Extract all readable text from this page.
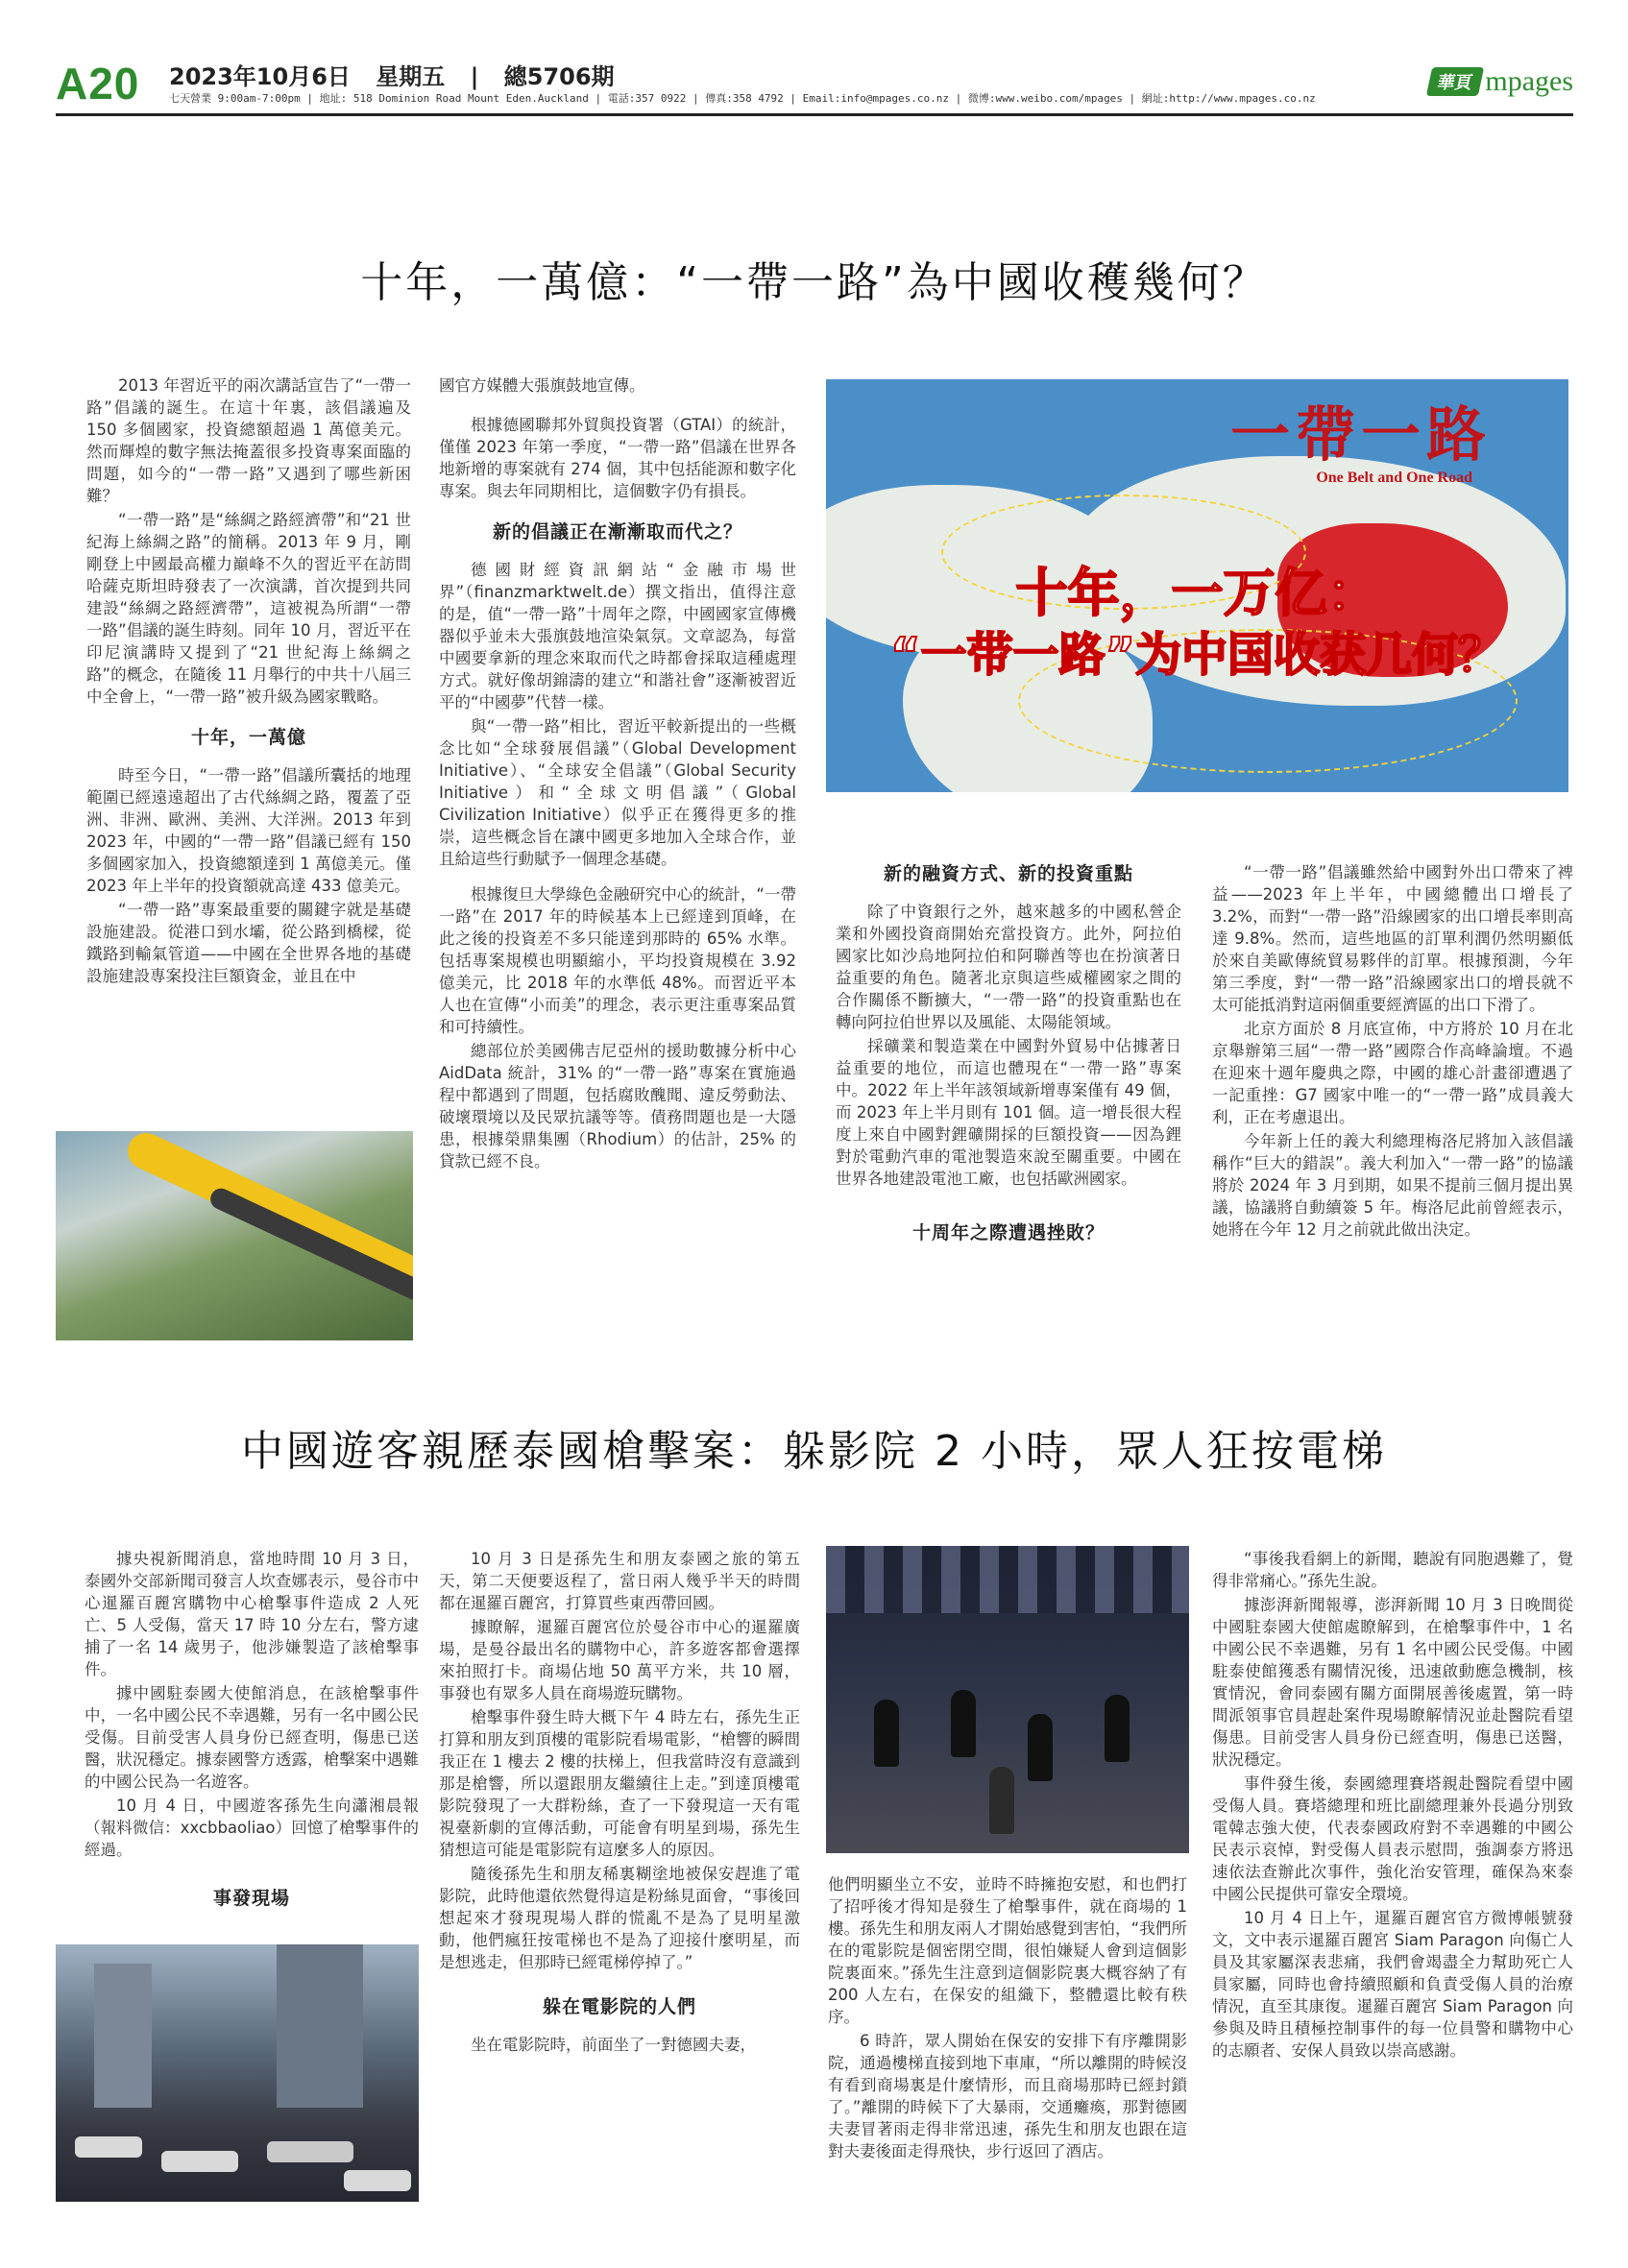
A20 2023年10月6日 星期五 | 總5706期
七天營業 9:00am-7:00pm | 地址: 518 Dominion Road Mount Eden.Auckland | 電話:357 0922 | 傳真:358 4792 | Email:info@mpages.co.nz | 微博:www.weibo.com/mpages | 網址:http://www.mpages.co.nz
華頁 mpages
十年，一萬億：“一帶一路”為中國收穫幾何？

2013 年習近平的兩次講話宣告了“一帶一路”倡議的誕生。在這十年裏，該倡議遍及 150 多個國家，投資總額超過 1 萬億美元。然而輝煌的數字無法掩蓋很多投資專案面臨的問題，如今的“一帶一路”又遇到了哪些新困難？

“一帶一路”是“絲綢之路經濟帶”和“21 世紀海上絲綢之路”的簡稱。2013 年 9 月，剛剛登上中國最高權力巔峰不久的習近平在訪問哈薩克斯坦時發表了一次演講，首次提到共同建設“絲綢之路經濟帶”，這被視為所謂“一帶一路”倡議的誕生時刻。同年 10 月，習近平在印尼演講時又提到了“21 世紀海上絲綢之路”的概念，在隨後 11 月舉行的中共十八屆三中全會上，“一帶一路”被升級為國家戰略。

十年，一萬億

時至今日，“一帶一路”倡議所囊括的地理範圍已經遠遠超出了古代絲綢之路，覆蓋了亞洲、非洲、歐洲、美洲、大洋洲。2013 年到 2023 年，中國的“一帶一路”倡議已經有 150 多個國家加入，投資總額達到 1 萬億美元。僅 2023 年上半年的投資額就高達 433 億美元。

“一帶一路”專案最重要的關鍵字就是基礎設施建設。從港口到水壩，從公路到橋樑，從鐵路到輸氣管道——中國在全世界各地的基礎設施建設專案投注巨額資金，並且在中

國官方媒體大張旗鼓地宣傳。

根據德國聯邦外貿與投資署（GTAI）的統計，僅僅 2023 年第一季度，“一帶一路”倡議在世界各地新增的專案就有 274 個，其中包括能源和數字化專案。與去年同期相比，這個數字仍有損長。

新的倡議正在漸漸取而代之？

德國財經資訊網站“金融市場世界”（finanzmarktwelt.de）撰文指出，值得注意的是，值“一帶一路”十周年之際，中國國家宣傳機器似乎並未大張旗鼓地渲染氣氛。文章認為，每當中國要拿新的理念來取而代之時都會採取這種處理方式。就好像胡錦濤的建立“和諧社會”逐漸被習近平的“中國夢”代替一樣。

與“一帶一路”相比，習近平較新提出的一些概念比如“全球發展倡議”（Global Development Initiative）、“全球安全倡議”（Global Security Initiative）和“全球文明倡議”（Global Civilization Initiative）似乎正在獲得更多的推崇，這些概念旨在讓中國更多地加入全球合作，並且給這些行動賦予一個理念基礎。

根據復旦大學綠色金融研究中心的統計，“一帶一路”在 2017 年的時候基本上已經達到頂峰，在此之後的投資差不多只能達到那時的 65% 水準。包括專案規模也明顯縮小，平均投資規模在 3.92 億美元，比 2018 年的水準低 48%。而習近平本人也在宣傳“小而美”的理念，表示更注重專案品質和可持續性。

總部位於美國佛吉尼亞州的援助數據分析中心 AidData 統計，31% 的“一帶一路”專案在實施過程中都遇到了問題，包括腐敗醜聞、違反勞動法、破壞環境以及民眾抗議等等。債務問題也是一大隱患，根據榮鼎集團（Rhodium）的估計，25% 的貸款已經不良。

一帶一路
One Belt and One Road
十年，一万亿：
“一带一路”为中国收获几何？
新的融資方式、新的投資重點

除了中資銀行之外，越來越多的中國私營企業和外國投資商開始充當投資方。此外，阿拉伯國家比如沙烏地阿拉伯和阿聯酋等也在扮演著日益重要的角色。隨著北京與這些威權國家之間的合作關係不斷擴大，“一帶一路”的投資重點也在轉向阿拉伯世界以及風能、太陽能領域。

採礦業和製造業在中國對外貿易中佔據著日益重要的地位，而這也體現在“一帶一路”專案中。2022 年上半年該領域新增專案僅有 49 個，而 2023 年上半月則有 101 個。這一增長很大程度上來自中國對鋰礦開採的巨額投資——因為鋰對於電動汽車的電池製造來說至關重要。中國在世界各地建設電池工廠，也包括歐洲國家。

十周年之際遭遇挫敗？

“一帶一路”倡議雖然給中國對外出口帶來了裨益——2023 年上半年，中國總體出口增長了 3.2%，而對“一帶一路”沿線國家的出口增長率則高達 9.8%。然而，這些地區的訂單利潤仍然明顯低於來自美歐傳統貿易夥伴的訂單。根據預測，今年第三季度，對“一帶一路”沿線國家出口的增長就不太可能抵消對這兩個重要經濟區的出口下滑了。

北京方面於 8 月底宣佈，中方將於 10 月在北京舉辦第三屆“一帶一路”國際合作高峰論壇。不過在迎來十週年慶典之際，中國的雄心計畫卻遭遇了一記重挫：G7 國家中唯一的“一帶一路”成員義大利，正在考慮退出。

今年新上任的義大利總理梅洛尼將加入該倡議稱作“巨大的錯誤”。義大利加入“一帶一路”的協議將於 2024 年 3 月到期，如果不提前三個月提出異議，協議將自動續簽 5 年。梅洛尼此前曾經表示，她將在今年 12 月之前就此做出決定。

中國遊客親歷泰國槍擊案：躲影院 2 小時，眾人狂按電梯

據央視新聞消息，當地時間 10 月 3 日，泰國外交部新聞司發言人坎查娜表示，曼谷市中心暹羅百麗宮購物中心槍擊事件造成 2 人死亡、5 人受傷，當天 17 時 10 分左右，警方逮捕了一名 14 歲男子，他涉嫌製造了該槍擊事件。

據中國駐泰國大使館消息，在該槍擊事件中，一名中國公民不幸遇難，另有一名中國公民受傷。目前受害人員身份已經查明，傷患已送醫，狀況穩定。據泰國警方透露，槍擊案中遇難的中國公民為一名遊客。

10 月 4 日，中國遊客孫先生向瀟湘晨報（報料微信：xxcbbaoliao）回憶了槍擊事件的經過。

事發現場

10 月 3 日是孫先生和朋友泰國之旅的第五天，第二天便要返程了，當日兩人幾乎半天的時間都在暹羅百麗宮，打算買些東西帶回國。

據瞭解，暹羅百麗宮位於曼谷市中心的暹羅廣場，是曼谷最出名的購物中心，許多遊客都會選擇來拍照打卡。商場佔地 50 萬平方米，共 10 層，事發也有眾多人員在商場遊玩購物。

槍擊事件發生時大概下午 4 時左右，孫先生正打算和朋友到頂樓的電影院看場電影，“槍響的瞬間我正在 1 樓去 2 樓的扶梯上，但我當時沒有意識到那是槍響，所以還跟朋友繼續往上走。”到達頂樓電影院發現了一大群粉絲，查了一下發現這一天有電視臺新劇的宣傳活動，可能會有明星到場，孫先生猜想這可能是電影院有這麼多人的原因。

隨後孫先生和朋友稀裏糊塗地被保安趕進了電影院，此時他還依然覺得這是粉絲見面會，“事後回想起來才發現現場人群的慌亂不是為了見明星激動，他們瘋狂按電梯也不是為了迎接什麼明星，而是想逃走，但那時已經電梯停掉了。”

躲在電影院的人們

坐在電影院時，前面坐了一對德國夫妻，

他們明顯坐立不安，並時不時擁抱安慰，和也們打了招呼後才得知是發生了槍擊事件，就在商場的 1 樓。孫先生和朋友兩人才開始感覺到害怕，“我們所在的電影院是個密閉空間，很怕嫌疑人會到這個影院裏面來。”孫先生注意到這個影院裏大概容納了有 200 人左右，在保安的組織下，整體還比較有秩序。

6 時許，眾人開始在保安的安排下有序離開影院，通過樓梯直接到地下車庫，“所以離開的時候沒有看到商場裏是什麼情形，而且商場那時已經封鎖了。”離開的時候下了大暴雨，交通癱瘓，那對德國夫妻冒著雨走得非常迅速，孫先生和朋友也跟在這對夫妻後面走得飛快，步行返回了酒店。

“事後我看網上的新聞，聽說有同胞遇難了，覺得非常痛心。”孫先生說。

據澎湃新聞報導，澎湃新聞 10 月 3 日晚間從中國駐泰國大使館處瞭解到，在槍擊事件中，1 名中國公民不幸遇難，另有 1 名中國公民受傷。中國駐泰使館獲悉有關情況後，迅速啟動應急機制，核實情況，會同泰國有關方面開展善後處置，第一時間派領事官員趕赴案件現場瞭解情況並赴醫院看望傷患。目前受害人員身份已經查明，傷患已送醫，狀況穩定。

事件發生後，泰國總理賽塔親赴醫院看望中國受傷人員。賽塔總理和班比副總理兼外長過分別致電韓志強大使，代表泰國政府對不幸遇難的中國公民表示哀悼，對受傷人員表示慰問，強調泰方將迅速依法查辦此次事件，強化治安管理，確保為來泰中國公民提供可靠安全環境。

10 月 4 日上午，暹羅百麗宮官方微博帳號發文，文中表示暹羅百麗宮 Siam Paragon 向傷亡人員及其家屬深表悲痛，我們會竭盡全力幫助死亡人員家屬，同時也會持續照顧和負責受傷人員的治療情況，直至其康復。暹羅百麗宮 Siam Paragon 向參與及時且積極控制事件的每一位員警和購物中心的志願者、安保人員致以崇高感謝。
